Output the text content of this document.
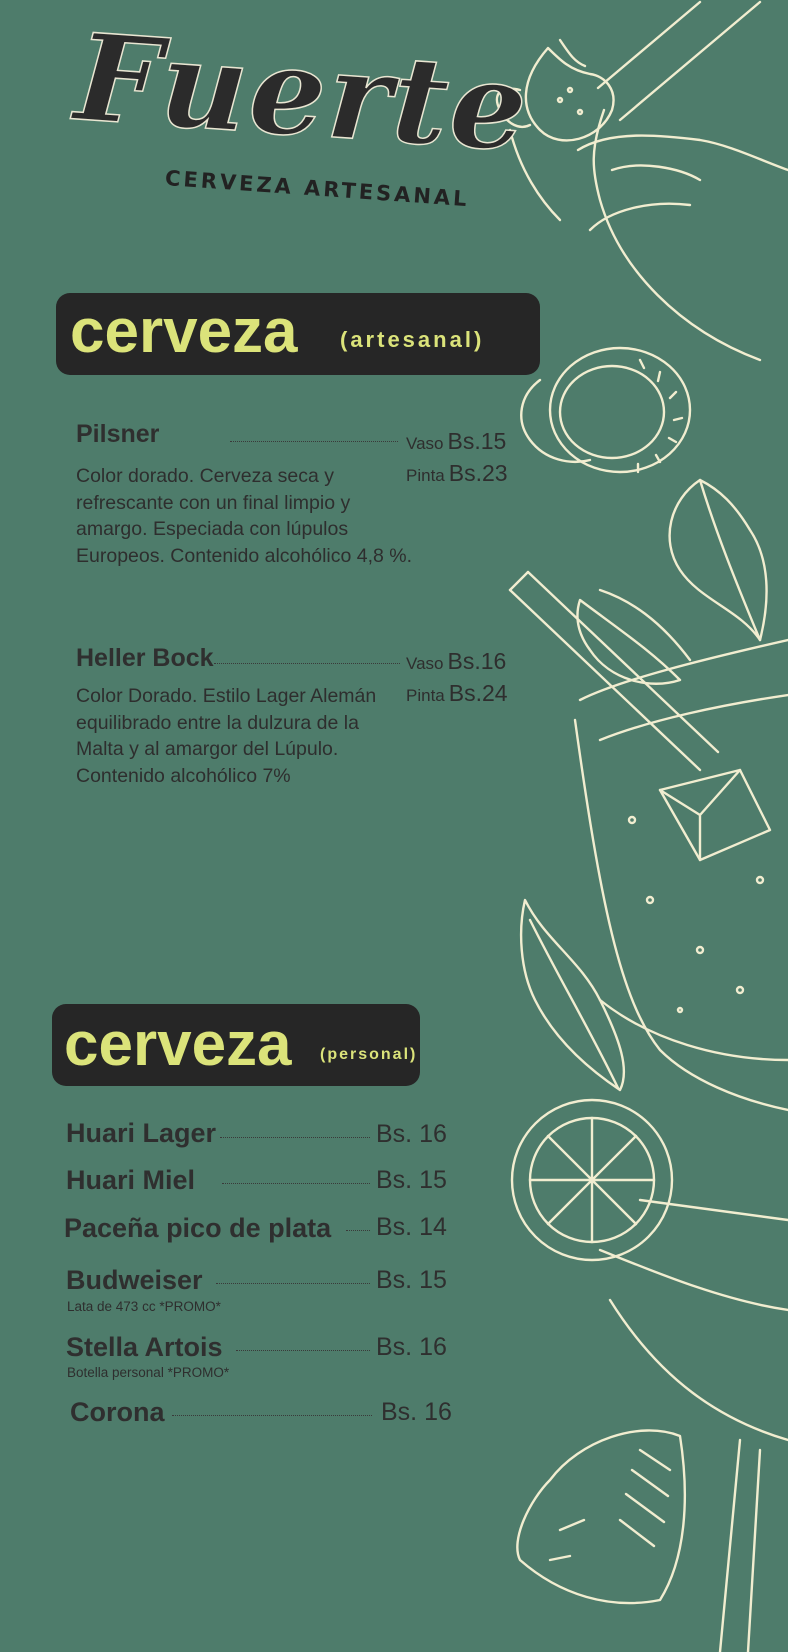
Fuerte
CERVEZA ARTESANAL
cerveza (artesanal)
Pilsner	Vaso Bs.15
Pinta Bs.23
Color dorado. Cerveza seca y
refrescante con un final limpio y
amargo. Especiada con lúpulos
Europeos. Contenido alcohólico 4,8 %.
Heller Bock	Vaso Bs.16
Pinta Bs.24
Color Dorado. Estilo Lager Alemán
equilibrado entre la dulzura de la
Malta y al amargor del Lúpulo.
Contenido alcohólico 7%
cerveza (personal)
Huari Lager	Bs. 16
Huari Miel	Bs. 15
Paceña pico de plata Bs. 14
Budweiser	Bs. 15
Lata de 473 cc *PROMO*
Stella Artois	Bs. 16
Botella personal *PROMO*
Corona	Bs. 16
